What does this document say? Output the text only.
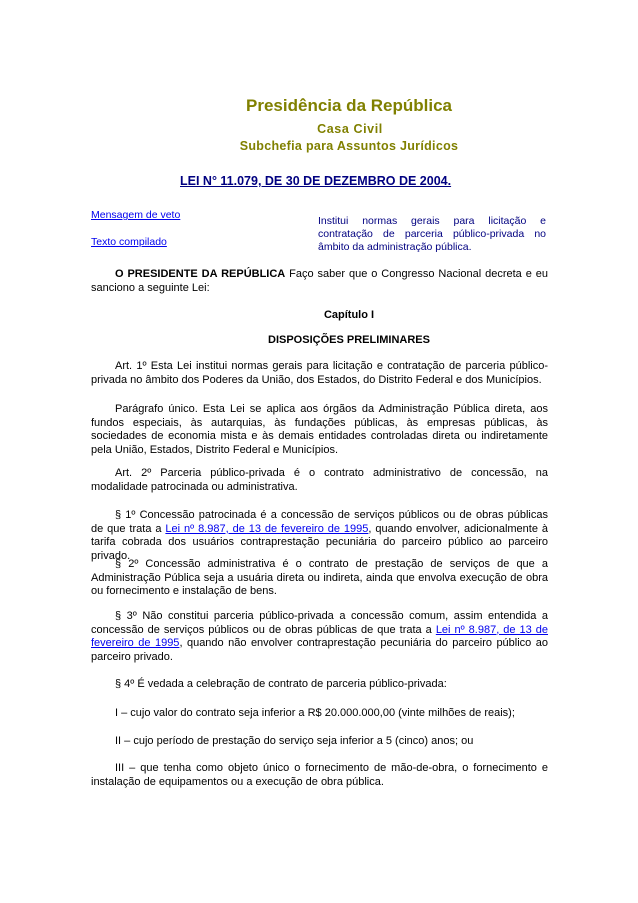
Presidência da República
Casa Civil
Subchefia para Assuntos Jurídicos
LEI N° 11.079, DE 30 DE DEZEMBRO DE 2004.
Mensagem de veto
Texto compilado
Institui normas gerais para licitação e contratação de parceria público-privada no âmbito da administração pública.
O PRESIDENTE DA REPÚBLICA Faço saber que o Congresso Nacional decreta e eu sanciono a seguinte Lei:
Capítulo I
DISPOSIÇÕES PRELIMINARES
Art. 1º Esta Lei institui normas gerais para licitação e contratação de parceria público-privada no âmbito dos Poderes da União, dos Estados, do Distrito Federal e dos Municípios.
Parágrafo único. Esta Lei se aplica aos órgãos da Administração Pública direta, aos fundos especiais, às autarquias, às fundações públicas, às empresas públicas, às sociedades de economia mista e às demais entidades controladas direta ou indiretamente pela União, Estados, Distrito Federal e Municípios.
Art. 2º Parceria público-privada é o contrato administrativo de concessão, na modalidade patrocinada ou administrativa.
§ 1º Concessão patrocinada é a concessão de serviços públicos ou de obras públicas de que trata a Lei nº 8.987, de 13 de fevereiro de 1995, quando envolver, adicionalmente à tarifa cobrada dos usuários contraprestação pecuniária do parceiro público ao parceiro privado.
§ 2º Concessão administrativa é o contrato de prestação de serviços de que a Administração Pública seja a usuária direta ou indireta, ainda que envolva execução de obra ou fornecimento e instalação de bens.
§ 3º Não constitui parceria público-privada a concessão comum, assim entendida a concessão de serviços públicos ou de obras públicas de que trata a Lei nº 8.987, de 13 de fevereiro de 1995, quando não envolver contraprestação pecuniária do parceiro público ao parceiro privado.
§ 4º É vedada a celebração de contrato de parceria público-privada:
I – cujo valor do contrato seja inferior a R$ 20.000.000,00 (vinte milhões de reais);
II – cujo período de prestação do serviço seja inferior a 5 (cinco) anos; ou
III – que tenha como objeto único o fornecimento de mão-de-obra, o fornecimento e instalação de equipamentos ou a execução de obra pública.
